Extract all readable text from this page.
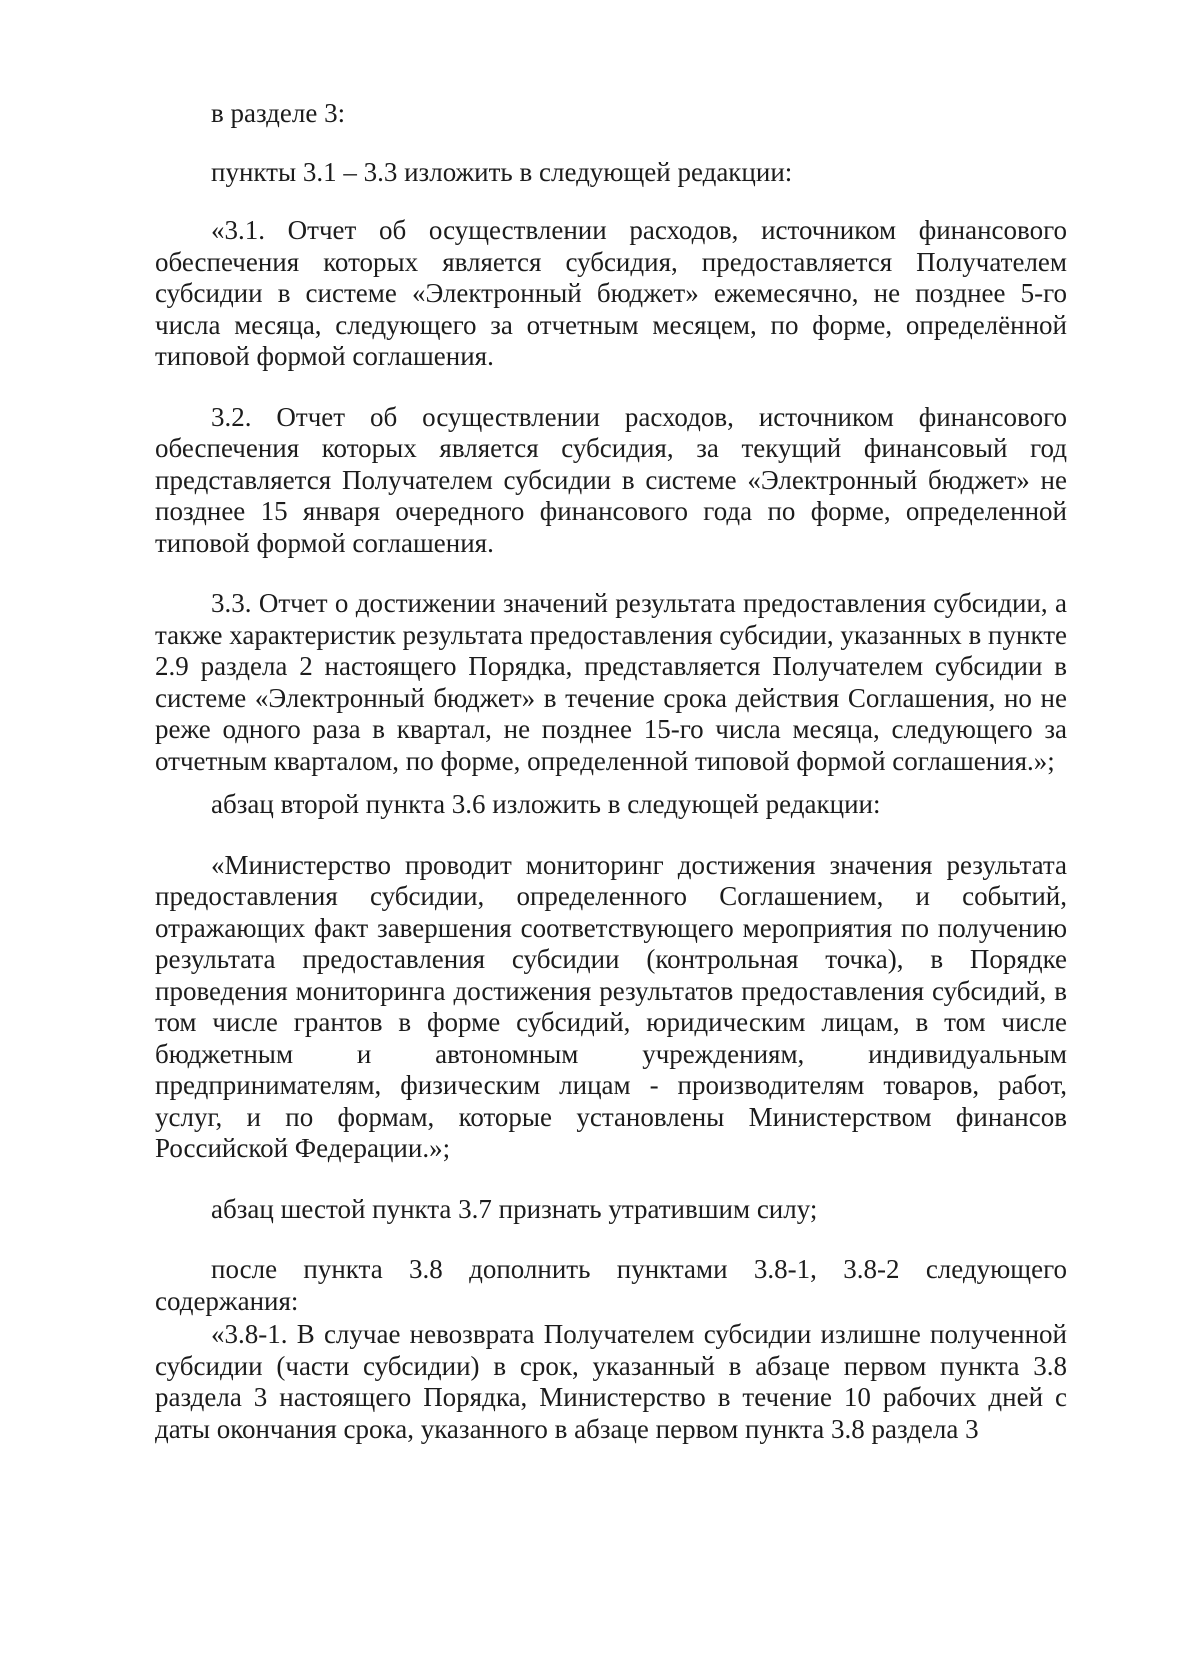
в разделе 3:

пункты 3.1 – 3.3 изложить в следующей редакции:

«3.1. Отчет об осуществлении расходов, источником финансового обеспечения которых является субсидия, предоставляется Получателем субсидии в системе «Электронный бюджет» ежемесячно, не позднее 5-го числа месяца, следующего за отчетным месяцем, по форме, определённой типовой формой соглашения.

3.2. Отчет об осуществлении расходов, источником финансового обеспечения которых является субсидия, за текущий финансовый год представляется Получателем субсидии в системе «Электронный бюджет» не позднее 15 января очередного финансового года по форме, определенной типовой формой соглашения.

3.3. Отчет о достижении значений результата предоставления субсидии, а также характеристик результата предоставления субсидии, указанных в пункте 2.9 раздела 2 настоящего Порядка, представляется Получателем субсидии в системе «Электронный бюджет» в течение срока действия Соглашения, но не реже одного раза в квартал, не позднее 15-го числа месяца, следующего за отчетным кварталом, по форме, определенной типовой формой соглашения.»;

абзац второй пункта 3.6 изложить в следующей редакции:

«Министерство проводит мониторинг достижения значения результата предоставления субсидии, определенного Соглашением, и событий, отражающих факт завершения соответствующего мероприятия по получению результата предоставления субсидии (контрольная точка), в Порядке проведения мониторинга достижения результатов предоставления субсидий, в том числе грантов в форме субсидий, юридическим лицам, в том числе бюджетным и автономным учреждениям, индивидуальным предпринимателям, физическим лицам - производителям товаров, работ, услуг, и по формам, которые установлены Министерством финансов Российской Федерации.»;

абзац шестой пункта 3.7 признать утратившим силу;

после пункта 3.8 дополнить пунктами 3.8-1, 3.8-2 следующего содержания:

«3.8-1. В случае невозврата Получателем субсидии излишне полученной субсидии (части субсидии) в срок, указанный в абзаце первом пункта 3.8 раздела 3 настоящего Порядка, Министерство в течение 10 рабочих дней с даты окончания срока, указанного в абзаце первом пункта 3.8 раздела 3
